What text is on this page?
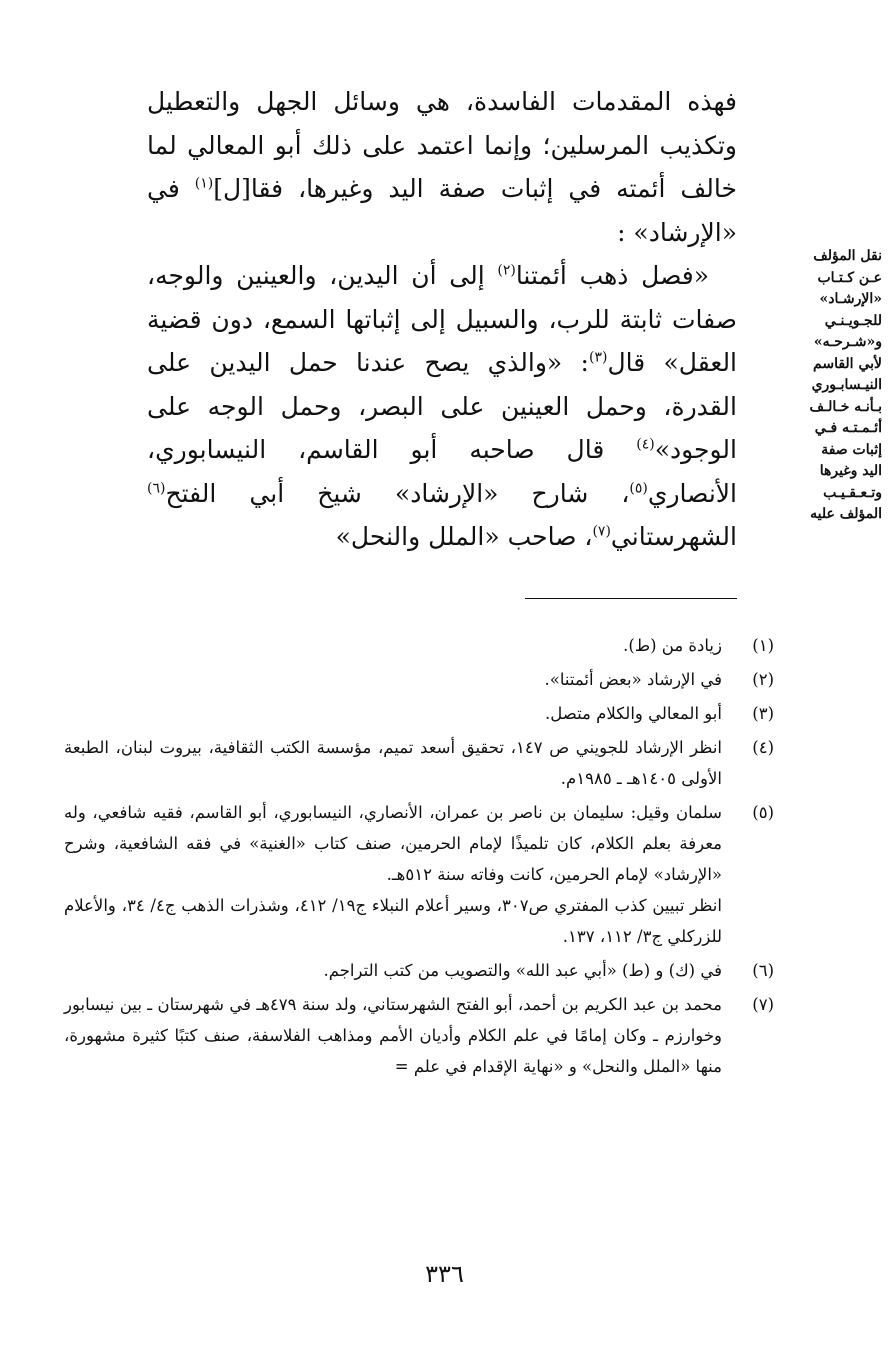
فهذه المقدمات الفاسدة، هي وسائل الجهل والتعطيل وتكذيب المرسلين؛ وإنما اعتمد على ذلك أبو المعالي لما خالف أئمته في إثبات صفة اليد وغيرها، فقا[ل]$^{(١)}$ في «الإرشاد» :

«فصل ذهب أئمتنا$^{(٢)}$ إلى أن اليدين، والعينين والوجه، صفات ثابتة للرب، والسبيل إلى إثباتها السمع، دون قضية العقل» قال$^{(٣)}$: «والذي يصح عندنا حمل اليدين على القدرة، وحمل العينين على البصر، وحمل الوجه على الوجود»$^{(٤)}$ قال صاحبه أبو القاسم، النيسابوري، الأنصاري$^{(٥)}$، شارح «الإرشاد» شيخ أبي الفتح$^{(٦)}$ الشهرستاني$^{(٧)}$، صاحب «الملل والنحل»

نقل المؤلف
عـن كـتـاب
«الإرشـاد»
للجـويـنـي
و«شـرحـه»
لأبي القاسم
النيـسابـوري
بـأنـه خـالـف
أئـمـتـه فـي
إثبات صفة
اليد وغيرها
وتـعـقـيـب
المؤلف عليه
(١)
زيادة من (ط).
(٢)
في الإرشاد «بعض أئمتنا».
(٣)
أبو المعالي والكلام متصل.
(٤)
انظر الإرشاد للجويني ص ١٤٧، تحقيق أسعد تميم، مؤسسة الكتب الثقافية، بيروت لبنان، الطبعة الأولى ١٤٠٥هـ ـ ١٩٨٥م.
(٥)

سلمان وقيل: سليمان بن ناصر بن عمران، الأنصاري، النيسابوري، أبو القاسم، فقيه شافعي، وله معرفة بعلم الكلام، كان تلميذًا لإمام الحرمين، صنف كتاب «الغنية» في فقه الشافعية، وشرح «الإرشاد» لإمام الحرمين، كانت وفاته سنة ٥١٢هـ.

انظر تبيين كذب المفتري ص٣٠٧، وسير أعلام النبلاء ج١٩/ ٤١٢، وشذرات الذهب ج٤/ ٣٤، والأعلام للزركلي ج٣/ ١١٢، ١٣٧.

(٦)
في (ك) و (ط) «أبي عبد الله» والتصويب من كتب التراجم.
(٧)
محمد بن عبد الكريم بن أحمد، أبو الفتح الشهرستاني، ولد سنة ٤٧٩هـ في شهرستان ـ بين نيسابور وخوارزم ـ وكان إمامًا في علم الكلام وأديان الأمم ومذاهب الفلاسفة، صنف كتبًا كثيرة مشهورة، منها «الملل والنحل» و «نهاية الإقدام في علم =
٣٣٦
